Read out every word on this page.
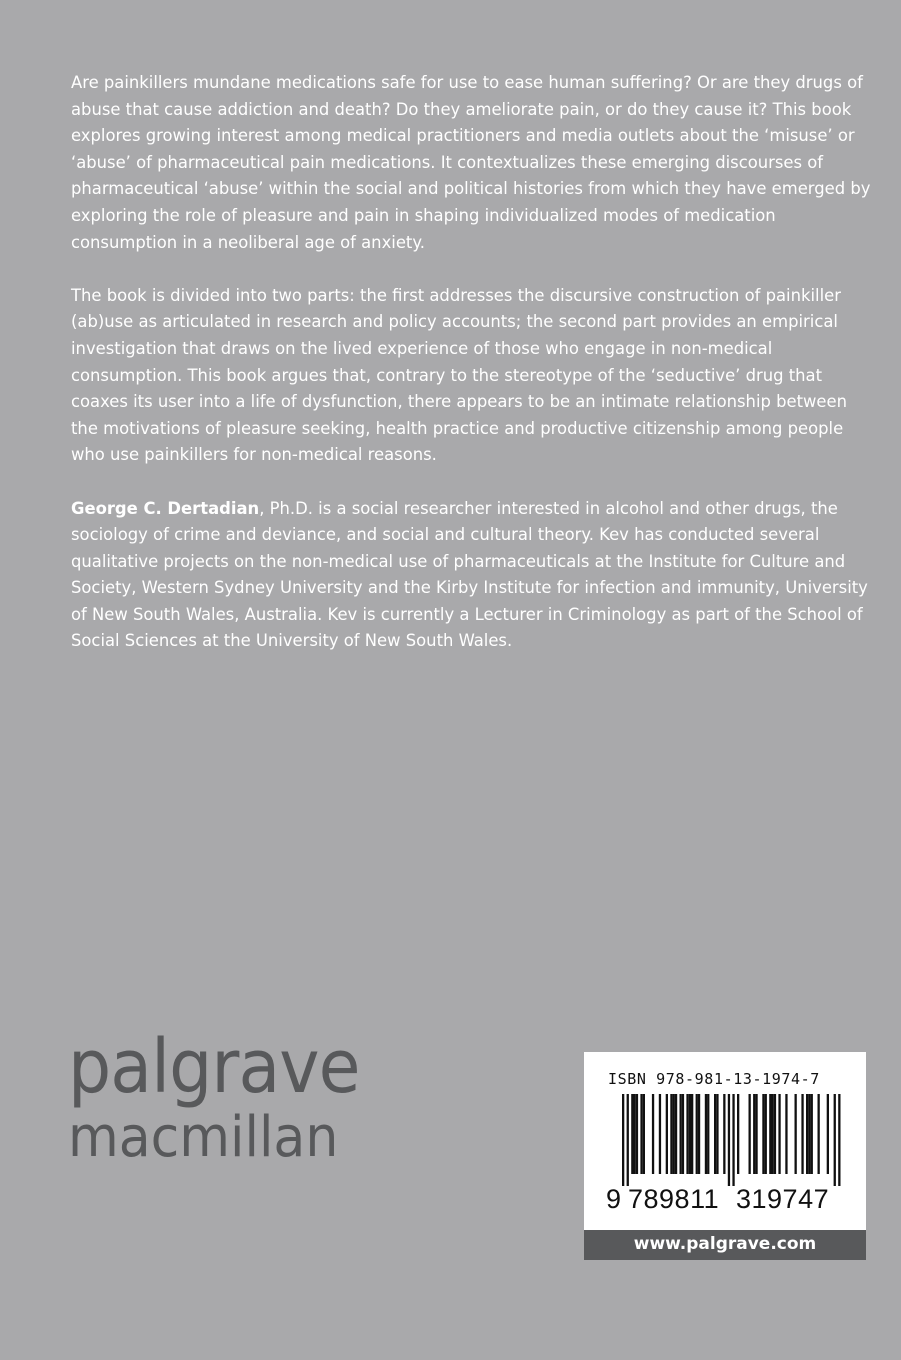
Are painkillers mundane medications safe for use to ease human suffering? Or are they drugs of abuse that cause addiction and death? Do they ameliorate pain, or do they cause it? This book explores growing interest among medical practitioners and media outlets about the ‘misuse’ or ‘abuse’ of pharmaceutical pain medications. It contextualizes these emerging discourses of pharmaceutical ‘abuse’ within the social and political histories from which they have emerged by exploring the role of pleasure and pain in shaping individualized modes of medication consumption in a neoliberal age of anxiety.

The book is divided into two parts: the first addresses the discursive construction of painkiller (ab)use as articulated in research and policy accounts; the second part provides an empirical investigation that draws on the lived experience of those who engage in non-medical consumption. This book argues that, contrary to the stereotype of the ‘seductive’ drug that coaxes its user into a life of dysfunction, there appears to be an intimate relationship between the motivations of pleasure seeking, health practice and productive citizenship among people who use painkillers for non-medical reasons.

George C. Dertadian, Ph.D. is a social researcher interested in alcohol and other drugs, the sociology of crime and deviance, and social and cultural theory. Kev has conducted several qualitative projects on the non-medical use of pharmaceuticals at the Institute for Culture and Society, Western Sydney University and the Kirby Institute for infection and immunity, University of New South Wales, Australia. Kev is currently a Lecturer in Criminology as part of the School of Social Sciences at the University of New South Wales.

palgrave
macmillan
ISBN 978-981-13-1974-7
9 789811 319747
www.palgrave.com
